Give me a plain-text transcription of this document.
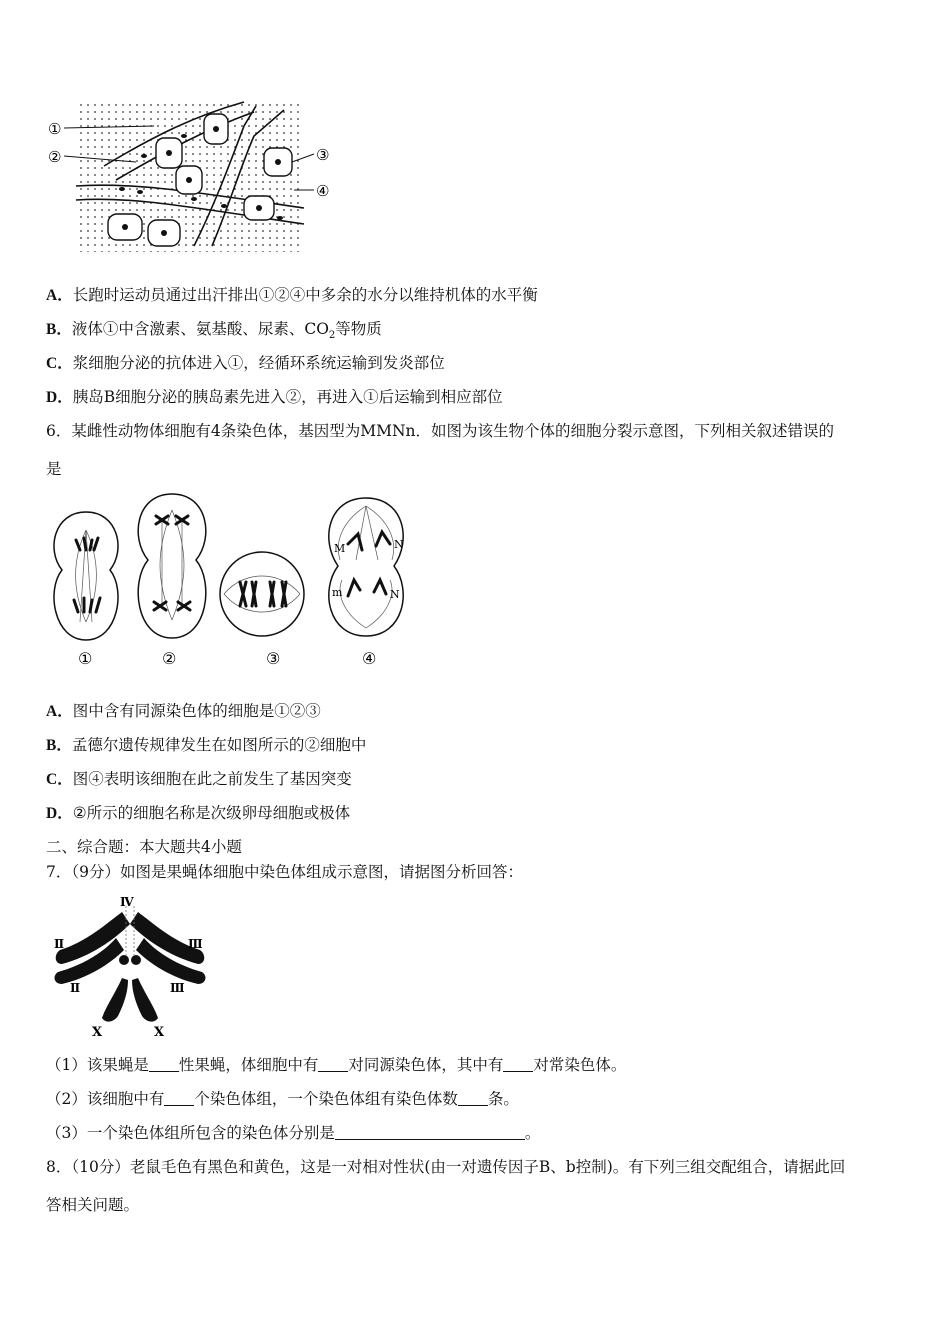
①
②	③
④
A．长跑时运动员通过出汗排出①②④中多余的水分以维持机体的水平衡
B．液体①中含激素、氨基酸、尿素、$CO_2$等物质
C．浆细胞分泌的抗体进入①，经循环系统运输到发炎部位
D．胰岛B细胞分泌的胰岛素先进入②，再进入①后运输到相应部位
6．某雌性动物体细胞有4条染色体，基因型为MMNn．如图为该生物个体的细胞分裂示意图，下列相关叙述错误的
是
M	N
m	N
①	②	③	④
A．图中含有同源染色体的细胞是①②③
B．孟德尔遗传规律发生在如图所示的②细胞中
C．图④表明该细胞在此之前发生了基因突变
D．②所示的细胞名称是次级卵母细胞或极体
二、综合题：本大题共4小题
7．（9分）如图是果蝇体细胞中染色体组成示意图，请据图分析回答：
Ⅳ
Ⅱ	Ⅲ
Ⅱ	Ⅲ
X	X
（1）该果蝇是 性果蝇，体细胞中有 对同源染色体，其中有 对常染色体。
（2）该细胞中有 个染色体组，一个染色体组有染色体数 条。
（3）一个染色体组所包含的染色体分别是	。
8．（10分）老鼠毛色有黑色和黄色，这是一对相对性状(由一对遗传因子B、b控制)。有下列三组交配组合，请据此回
答相关问题。
